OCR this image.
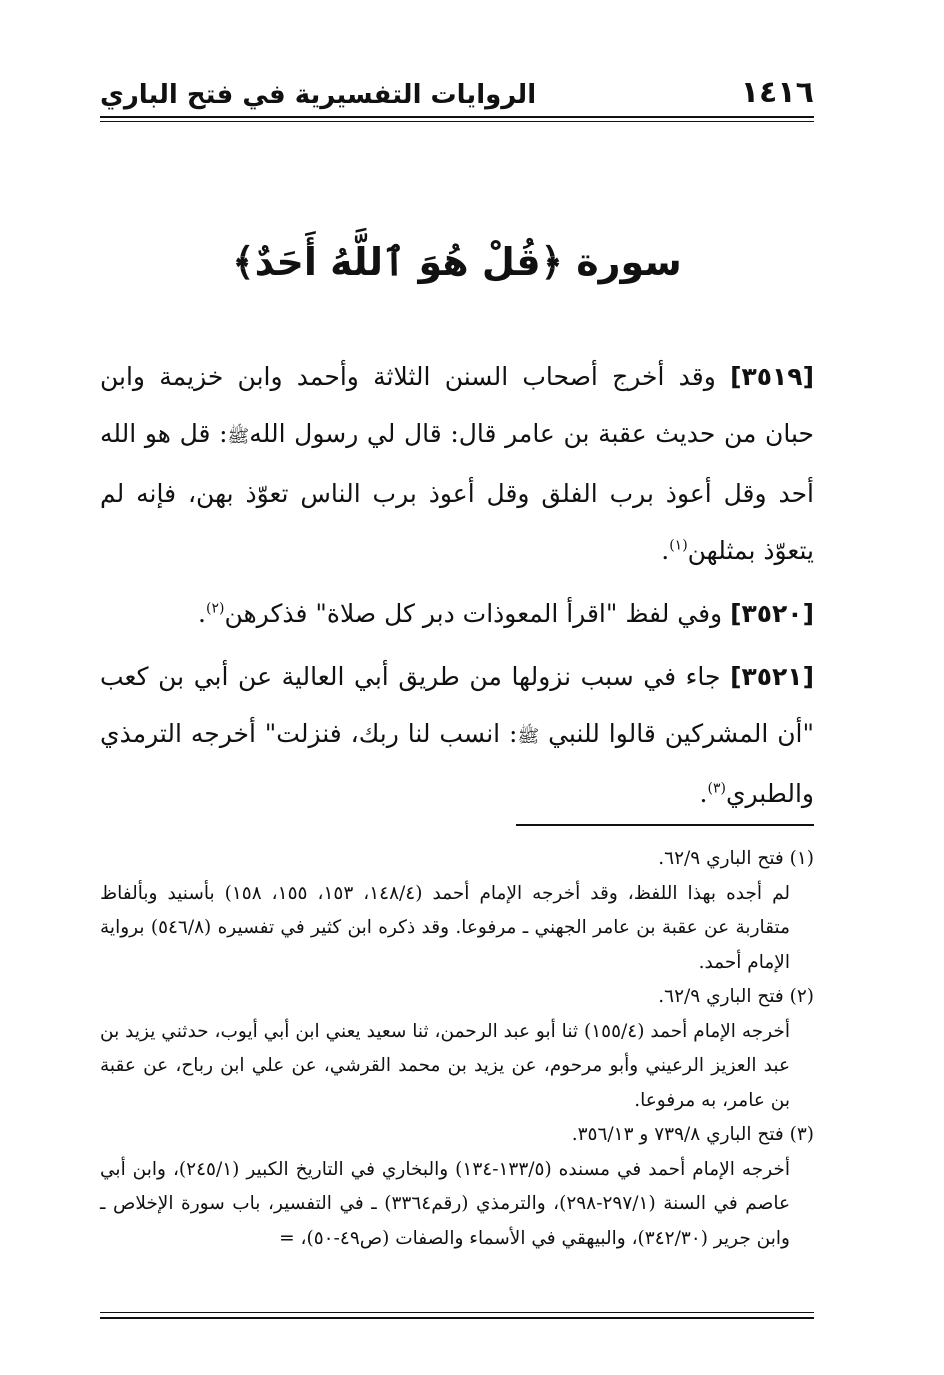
١٤١٦
الروايات التفسيرية في فتح الباري
سورة ﴿قُلْ هُوَ ٱللَّهُ أَحَدٌ﴾

[٣٥١٩] وقد أخرج أصحاب السنن الثلاثة وأحمد وابن خزيمة وابن حبان من حديث عقبة بن عامر قال: قال لي رسول اللهﷺ: قل هو الله أحد وقل أعوذ برب الفلق وقل أعوذ برب الناس تعوّذ بهن، فإنه لم يتعوّذ بمثلهن$^{(١)}$.

[٣٥٢٠] وفي لفظ "اقرأ المعوذات دبر كل صلاة" فذكرهن$^{(٢)}$.

[٣٥٢١] جاء في سبب نزولها من طريق أبي العالية عن أبي بن كعب "أن المشركين قالوا للنبي ﷺ: انسب لنا ربك، فنزلت" أخرجه الترمذي والطبري$^{(٣)}$.

(١) فتح الباري ٦٢/٩.

لم أجده بهذا اللفظ، وقد أخرجه الإمام أحمد (١٤٨/٤، ١٥٣، ١٥٥، ١٥٨) بأسنيد وبألفاظ متقاربة عن عقبة بن عامر الجهني ـ مرفوعا. وقد ذكره ابن كثير في تفسيره (٥٤٦/٨) برواية الإمام أحمد.

(٢) فتح الباري ٦٢/٩.

أخرجه الإمام أحمد (١٥٥/٤) ثنا أبو عبد الرحمن، ثنا سعيد يعني ابن أبي أيوب، حدثني يزيد بن عبد العزيز الرعيني وأبو مرحوم، عن يزيد بن محمد القرشي، عن علي ابن رباح، عن عقبة بن عامر، به مرفوعا.

(٣) فتح الباري ٧٣٩/٨ و ٣٥٦/١٣.

أخرجه الإمام أحمد في مسنده (١٣٣/٥-١٣٤) والبخاري في التاريخ الكبير (٢٤٥/١)، وابن أبي عاصم في السنة (٢٩٧/١-٢٩٨)، والترمذي (رقم٣٣٦٤) ـ في التفسير، باب سورة الإخلاص ـ وابن جرير (٣٤٢/٣٠)، والبيهقي في الأسماء والصفات (ص٤٩-٥٠)، =
